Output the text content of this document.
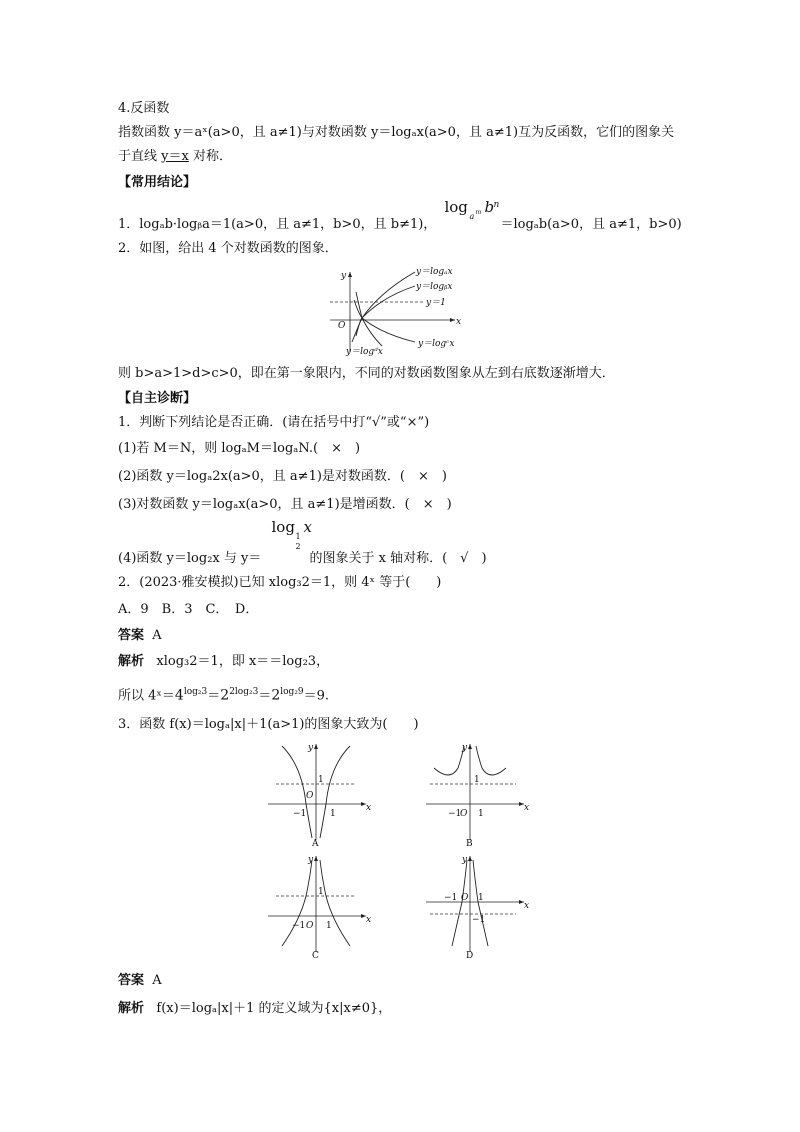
4.反函数
指数函数 y＝aˣ(a>0，且 a≠1)与对数函数 y＝logₐx(a>0，且 a≠1)互为反函数，它们的图象关
于直线 y＝x 对称．
【常用结论】
1．logₐb·logᵦa＝1(a>0，且 a≠1，b>0，且 b≠1)，
log
a m b n
＝logₐb(a>0，且 a≠1，b>0)
2．如图，给出 4 个对数函数的图象．
y＝logₐx
y＝logᵦx
y＝1
y＝logᶜx
y＝logᵈx
x
y
O
则 b>a>1>d>c>0，即在第一象限内，不同的对数函数图象从左到右底数逐渐增大．
【自主诊断】
1．判断下列结论是否正确．(请在括号中打“√”或“×”)
(1)若 M＝N，则 logₐM＝logₐN.(　×　)
(2)函数 y＝logₐ2x(a>0，且 a≠1)是对数函数．(　×　)
(3)对数函数 y＝logₐx(a>0，且 a≠1)是增函数．(　×　)
(4)函数 y＝log₂x 与 y＝
log
1
2
x
的图象关于 x 轴对称．(　√　)
2．(2023·雅安模拟)已知 xlog₃2＝1，则 4ˣ 等于(　　)
A．9　B．3　C．　D．
答案 A
解析 xlog₃2＝1，即 x＝＝log₂3，
所以 $4ˣ=4^{log_23}=2^{2log_23}=2^{log_29}=9$.
3．函数 f(x)＝logₐ|x|＋1(a>1)的图象大致为(　　)
y
x
1
O
−1	1
A
y
x
1
−1
O 1
B
y
x
1
−1 O 1
C
y
x
−1 O 1
−1
D
答案 A
解析 f(x)＝logₐ|x|＋1 的定义域为{x|x≠0}，
